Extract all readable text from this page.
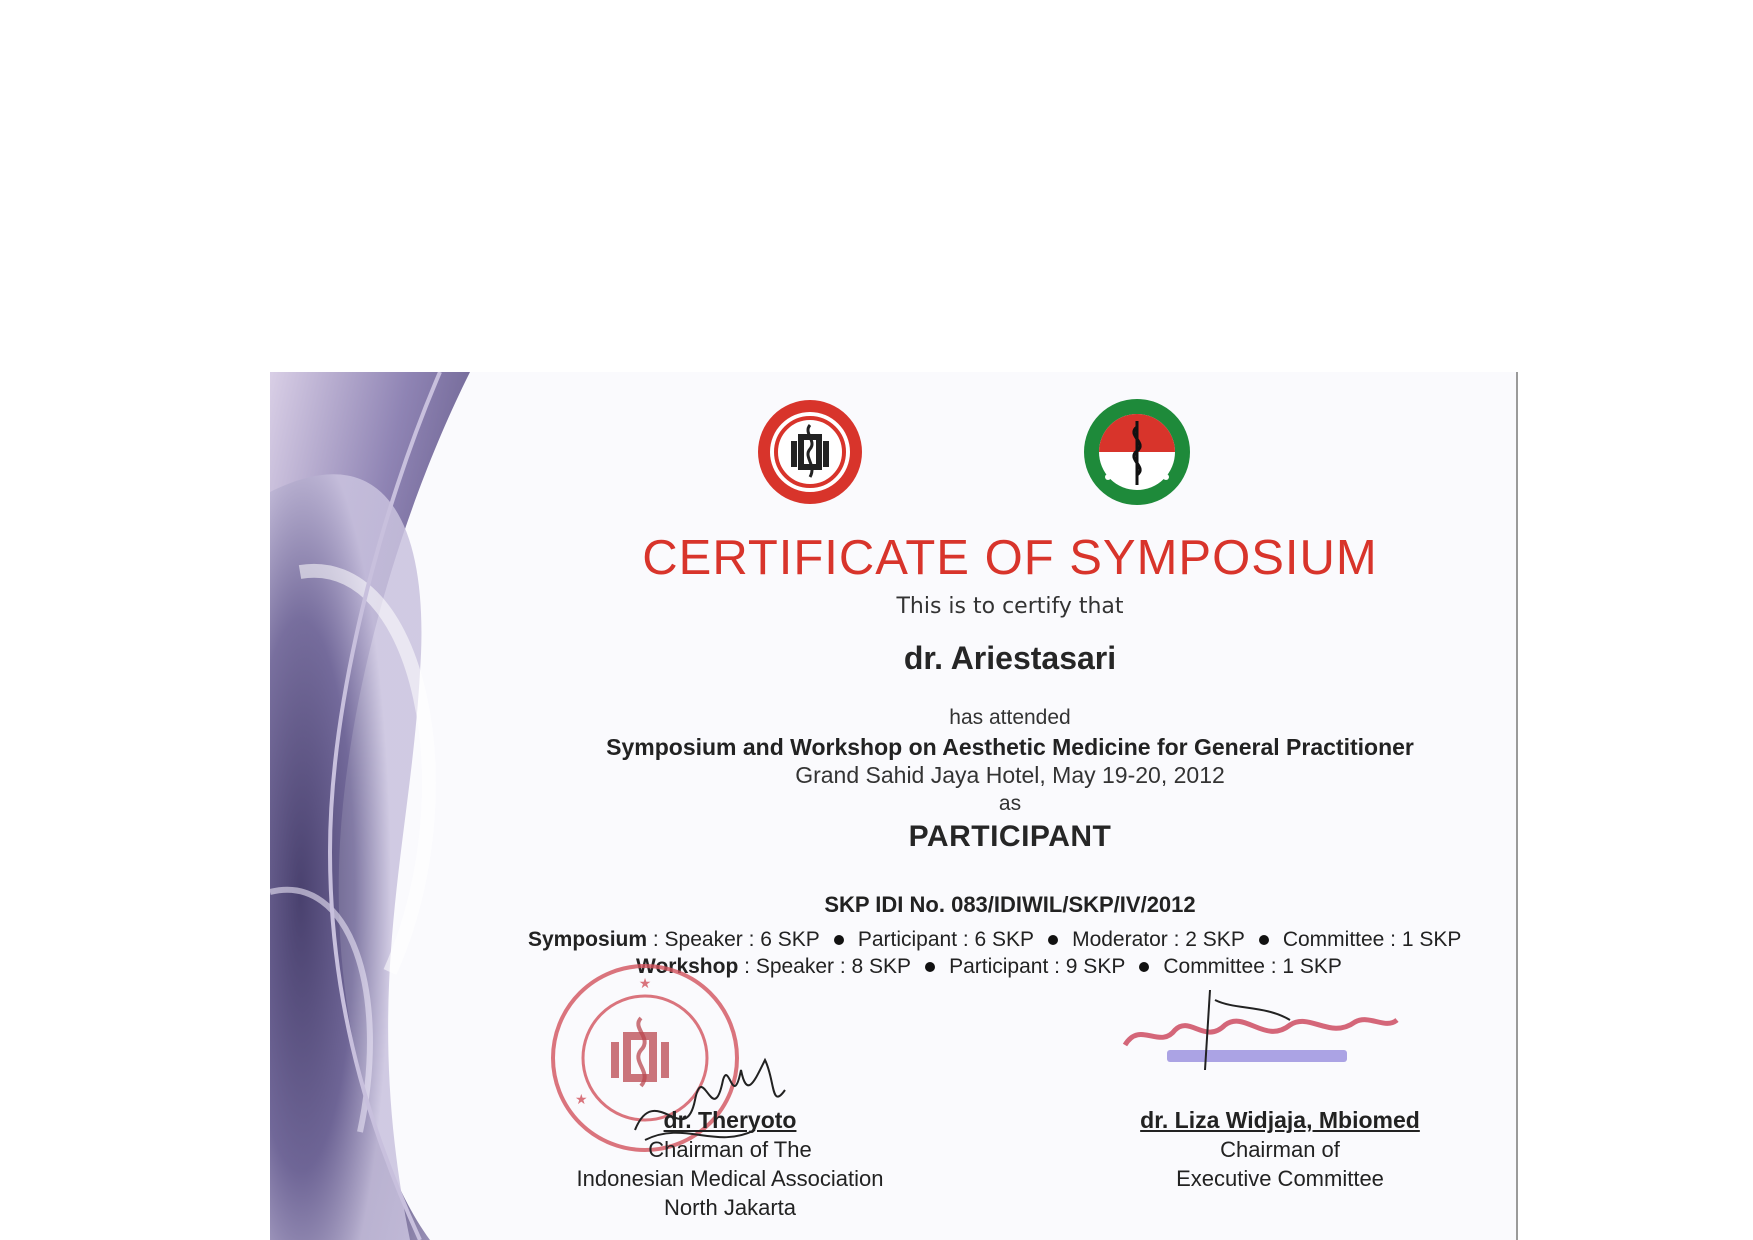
CERTIFICATE OF SYMPOSIUM
This is to certify that
dr. Ariestasari
has attended
Symposium and Workshop on Aesthetic Medicine for General Practitioner
Grand Sahid Jaya Hotel, May 19-20, 2012
as
PARTICIPANT
SKP IDI No. 083/IDIWIL/SKP/IV/2012
Symposium : Speaker : 6 SKP Participant : 6 SKP Moderator : 2 SKP Committee : 1 SKP
Workshop : Speaker : 8 SKP Participant : 9 SKP Committee : 1 SKP
★
★
dr. Theryoto
Chairman of The
Indonesian Medical Association
North Jakarta
dr. Liza Widjaja, Mbiomed
Chairman of
Executive Committee
